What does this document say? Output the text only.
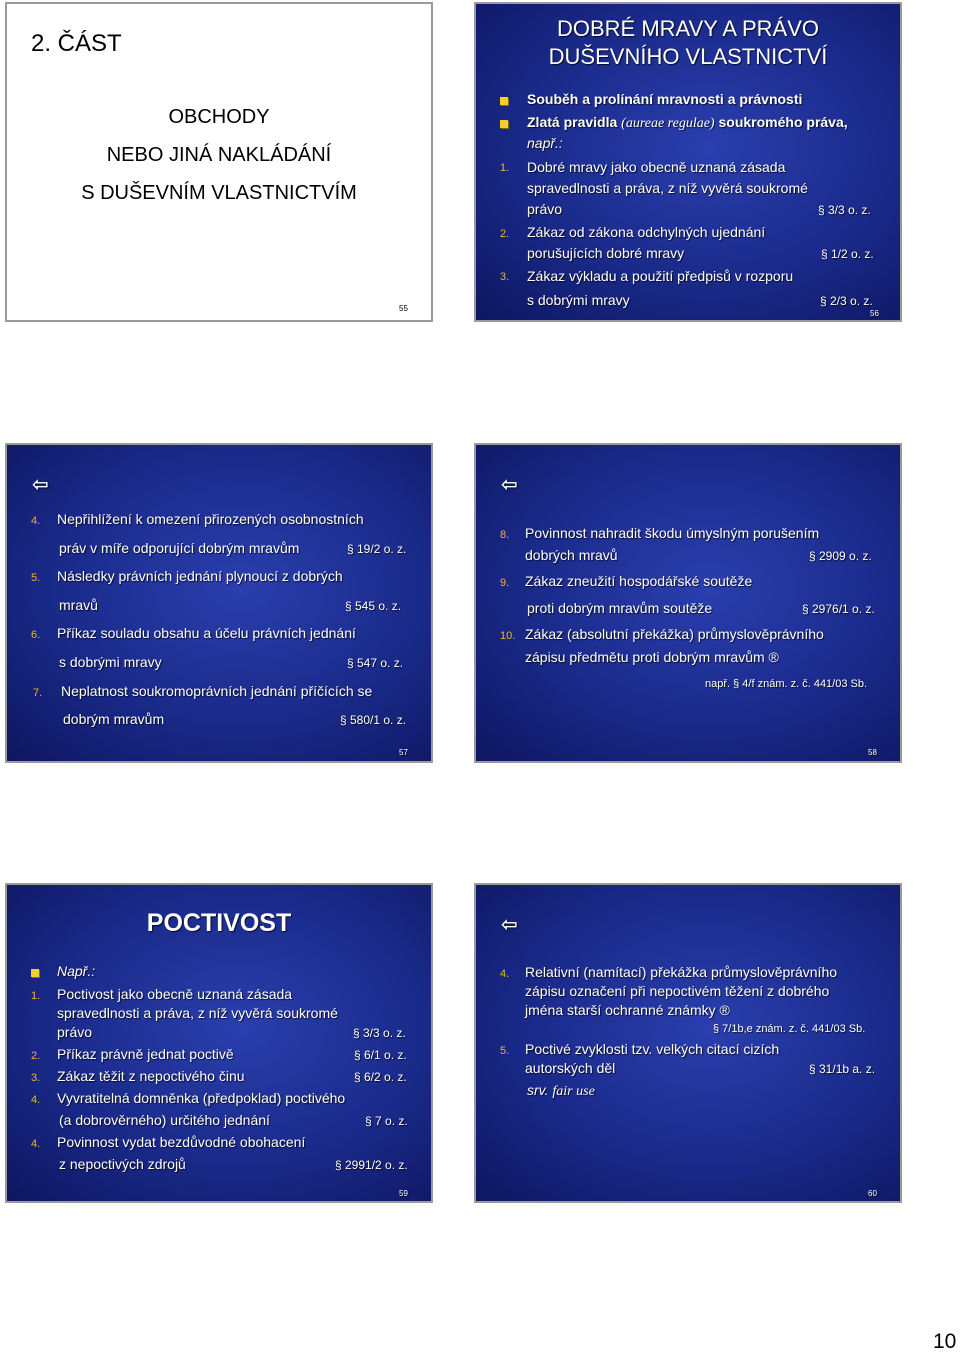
2. ČÁST
OBCHODY
NEBO JINÁ NAKLÁDÁNÍ
S DUŠEVNÍM VLASTNICTVÍM
55
DOBRÉ MRAVY A PRÁVO
DUŠEVNÍHO VLASTNICTVÍ
Souběh a prolínání mravnosti a právnosti
Zlatá pravidla (aureae regulae) soukromého práva,
např.:
1. Dobré mravy jako obecně uznaná zásada
spravedlnosti a práva, z níž vyvěrá soukromé
právo	§ 3/3 o. z.
2. Zákaz od zákona odchylných ujednání
porušujících dobré mravy	§ 1/2 o. z.
3. Zákaz výkladu a použití předpisů v rozporu
s dobrými mravy	§ 2/3 o. z.
56
⇦
4. Nepřihlížení k omezení přirozených osobnostních
práv v míře odporující dobrým mravům	§ 19/2 o. z.
5. Následky právních jednání plynoucí z dobrých
mravů	§ 545 o. z.
6. Příkaz souladu obsahu a účelu právních jednání
s dobrými mravy	§ 547 o. z.
7. Neplatnost soukromoprávních jednání příčících se
dobrým mravům	§ 580/1 o. z.
57
⇦
8. Povinnost nahradit škodu úmyslným porušením
dobrých mravů	§ 2909 o. z.
9. Zákaz zneužití hospodářské soutěže
proti dobrým mravům soutěže	§ 2976/1 o. z.
10. Zákaz (absolutní překážka) průmyslověprávního
zápisu předmětu proti dobrým mravům ®
např. § 4/f znám. z. č. 441/03 Sb.
58
POCTIVOST
Např.:
1. Poctivost jako obecně uznaná zásada
spravedlnosti a práva, z níž vyvěrá soukromé
právo	§ 3/3 o. z.
2. Příkaz právně jednat poctivě	§ 6/1 o. z.
3. Zákaz těžit z nepoctivého činu	§ 6/2 o. z.
4. Vyvratitelná domněnka (předpoklad) poctivého
(a dobrověrného) určitého jednání	§ 7 o. z.
4. Povinnost vydat bezdůvodné obohacení
z nepoctivých zdrojů	§ 2991/2 o. z.
59
⇦
4. Relativní (namítací) překážka průmyslověprávního
zápisu označení při nepoctivém těžení z dobrého
jména starší ochranné známky ®
§ 7/1b,e znám. z. č. 441/03 Sb.
5. Poctivé zvyklosti tzv. velkých citací cizích
autorských děl	§ 31/1b a. z.
srv. fair use
60
10
